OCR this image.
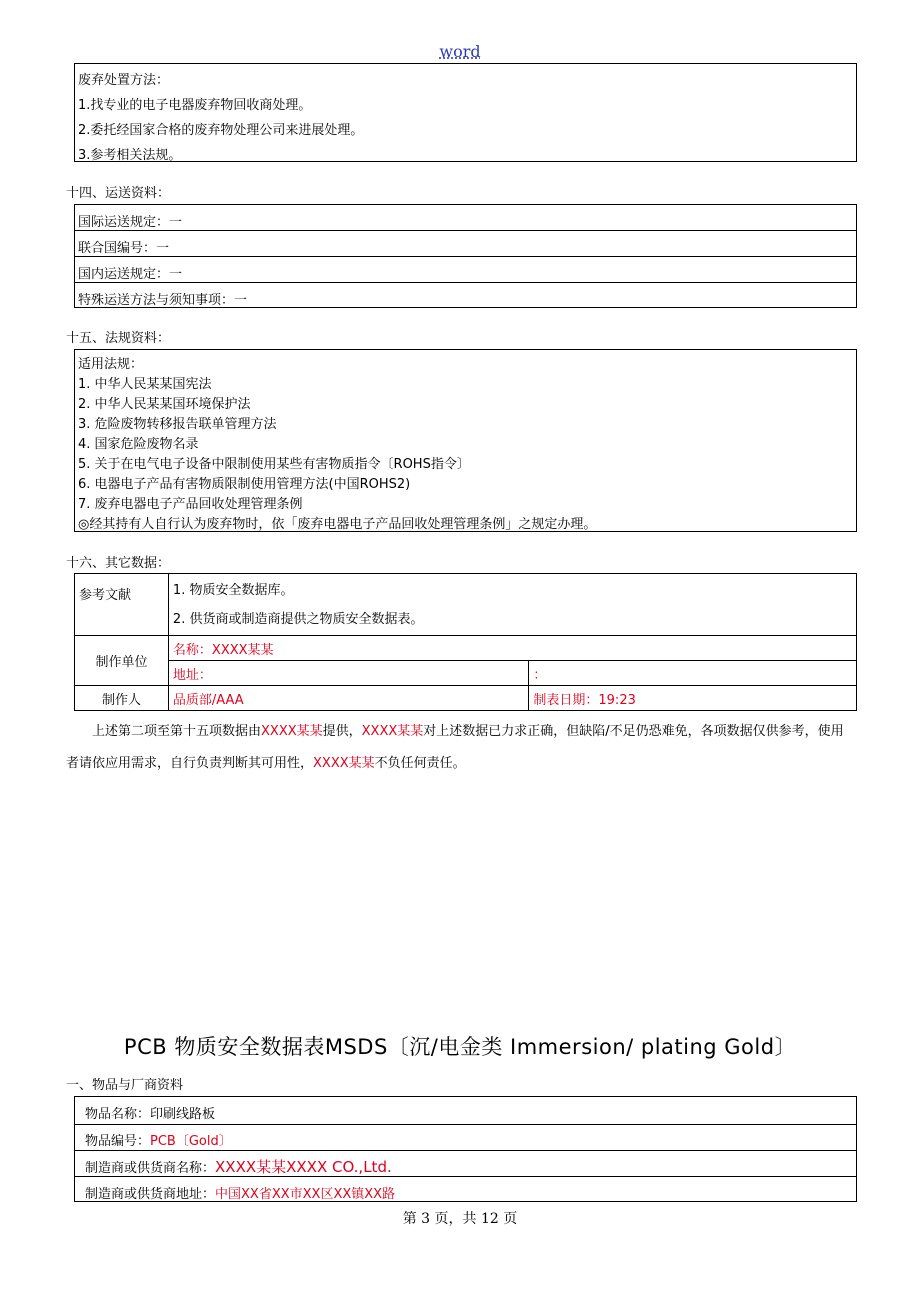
word
废弃处置方法：
1.找专业的电子电器废弃物回收商处理。
2.委托经国家合格的废弃物处理公司来进展处理。
3.参考相关法规。
十四、运送资料：
国际运送规定：一
联合国编号：一
国内运送规定：一
特殊运送方法与须知事项：一
十五、法规资料：
适用法规：
1. 中华人民某某国宪法
2. 中华人民某某国环境保护法
3. 危险废物转移报告联单管理方法
4. 国家危险废物名录
5. 关于在电气电子设备中限制使用某些有害物质指令〔ROHS指令〕
6. 电器电子产品有害物质限制使用管理方法(中国ROHS2)
7. 废弃电器电子产品回收处理管理条例
◎经其持有人自行认为废弃物时，依「废弃电器电子产品回收处理管理条例」之规定办理。
十六、其它数据：
参考文献	1. 物质安全数据库。
2. 供货商或制造商提供之物质安全数据表。	

制作单位	名称：XXXX某某	
	地址：	：
制作人	品质部/AAA	制表日期：19:23
上述第二项至第十五项数据由XXXX某某提供，XXXX某某对上述数据已力求正确，但缺陷/不足仍恐难免，各项数据仅供参考，使用者请依应用需求，自行负责判断其可用性，XXXX某某不负任何责任。
PCB 物质安全数据表MSDS〔沉/电金类 Immersion/ plating Gold〕
一、物品与厂商资料
物品名称：印刷线路板
物品编号：PCB〔Gold〕
制造商或供货商名称：XXXX某某XXXX CO.,Ltd.
制造商或供货商地址：中国XX省XX市XX区XX镇XX路
第 3 页，共 12 页
